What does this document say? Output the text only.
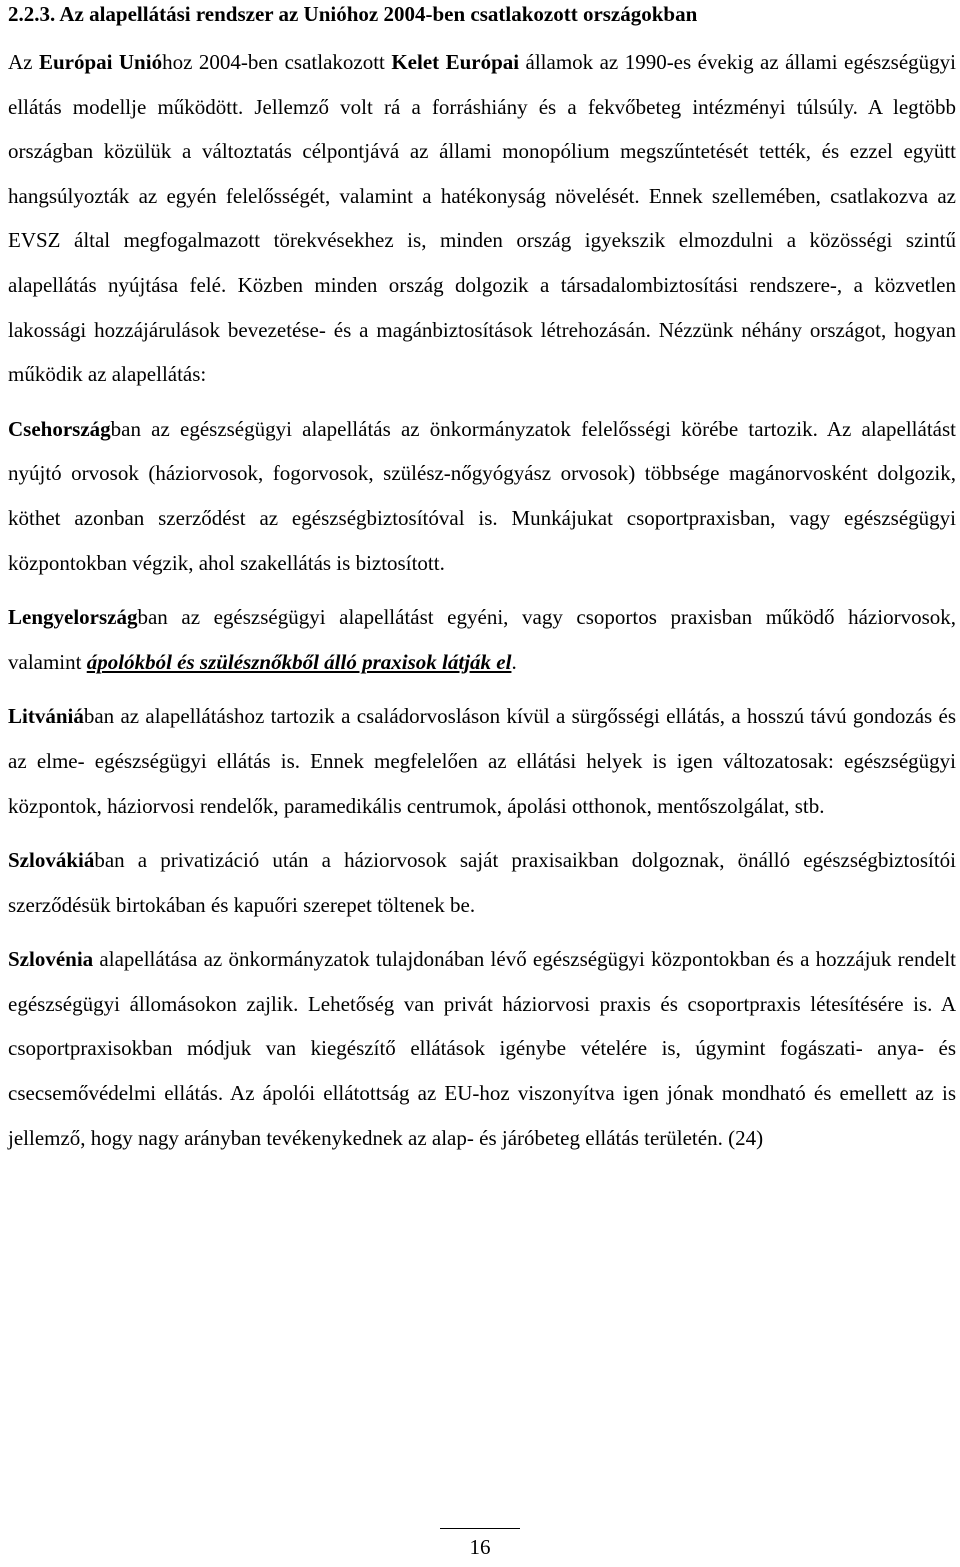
2.2.3. Az alapellátási rendszer az Unióhoz 2004-ben csatlakozott országokban

Az Európai Unióhoz 2004-ben csatlakozott Kelet Európai államok az 1990-es évekig az állami egészségügyi ellátás modellje működött. Jellemző volt rá a forráshiány és a fekvőbeteg intézményi túlsúly. A legtöbb országban közülük a változtatás célpontjává az állami monopólium megszűntetését tették, és ezzel együtt hangsúlyozták az egyén felelősségét, valamint a hatékonyság növelését. Ennek szellemében, csatlakozva az EVSZ által megfogalmazott törekvésekhez is, minden ország igyekszik elmozdulni a közösségi szintű alapellátás nyújtása felé. Közben minden ország dolgozik a társadalombiztosítási rendszere-, a közvetlen lakossági hozzájárulások bevezetése- és a magánbiztosítások létrehozásán. Nézzünk néhány országot, hogyan működik az alapellátás:

Csehországban az egészségügyi alapellátás az önkormányzatok felelősségi körébe tartozik. Az alapellátást nyújtó orvosok (háziorvosok, fogorvosok, szülész-nőgyógyász orvosok) többsége magánorvosként dolgozik, köthet azonban szerződést az egészségbiztosítóval is. Munkájukat csoportpraxisban, vagy egészségügyi központokban végzik, ahol szakellátás is biztosított.

Lengyelországban az egészségügyi alapellátást egyéni, vagy csoportos praxisban működő háziorvosok, valamint ápolókból és szülésznőkből álló praxisok látják el.

Litvániában az alapellátáshoz tartozik a családorvosláson kívül a sürgősségi ellátás, a hosszú távú gondozás és az elme- egészségügyi ellátás is. Ennek megfelelően az ellátási helyek is igen változatosak: egészségügyi központok, háziorvosi rendelők, paramedikális centrumok, ápolási otthonok, mentőszolgálat, stb.

Szlovákiában a privatizáció után a háziorvosok saját praxisaikban dolgoznak, önálló egészségbiztosítói szerződésük birtokában és kapuőri szerepet töltenek be.

Szlovénia alapellátása az önkormányzatok tulajdonában lévő egészségügyi központokban és a hozzájuk rendelt egészségügyi állomásokon zajlik. Lehetőség van privát háziorvosi praxis és csoportpraxis létesítésére is. A csoportpraxisokban módjuk van kiegészítő ellátások igénybe vételére is, úgymint fogászati- anya- és csecsemővédelmi ellátás. Az ápolói ellátottság az EU-hoz viszonyítva igen jónak mondható és emellett az is jellemző, hogy nagy arányban tevékenykednek az alap- és járóbeteg ellátás területén. (24)

16
